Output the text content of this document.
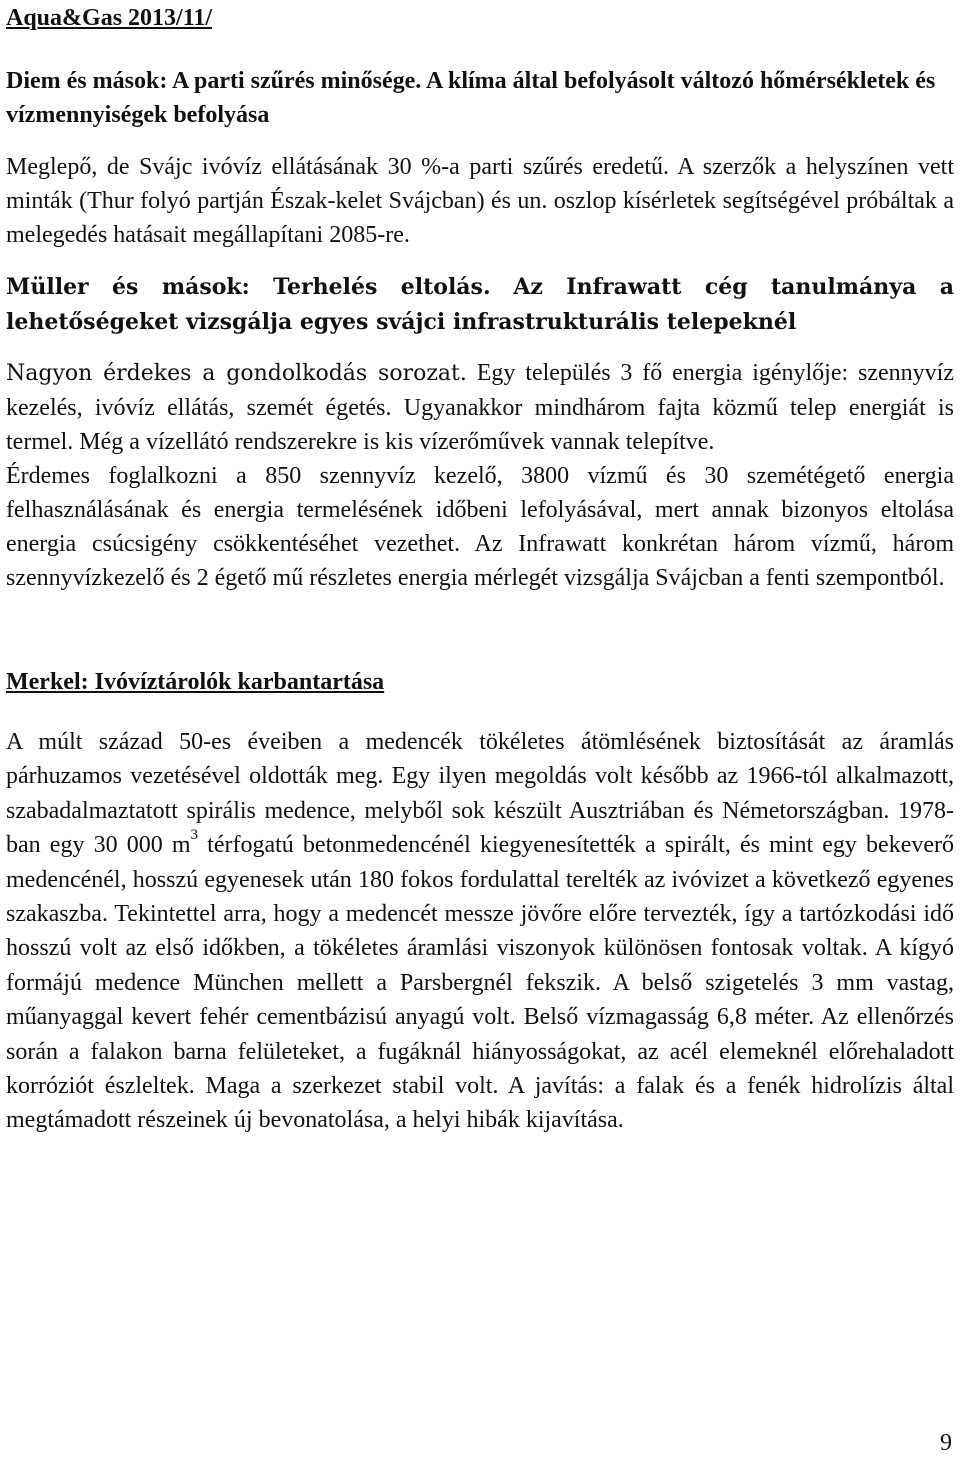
Aqua&Gas 2013/11/
Diem és mások: A parti szűrés minősége. A klíma által befolyásolt változó hőmérsékletek és vízmennyiségek befolyása
Meglepő, de Svájc ivóvíz ellátásának 30 %-a parti szűrés eredetű. A szerzők a helyszínen vett minták (Thur folyó partján Észak-kelet Svájcban) és un. oszlop kísérletek segítségével próbáltak a melegedés hatásait megállapítani 2085-re.
Müller és mások: Terhelés eltolás. Az Infrawatt cég tanulmánya a lehetőségeket vizsgálja egyes svájci infrastrukturális telepeknél
Nagyon érdekes a gondolkodás sorozat. Egy település 3 fő energia igénylője: szennyvíz kezelés, ivóvíz ellátás, szemét égetés. Ugyanakkor mindhárom fajta közmű telep energiát is termel. Még a vízellátó rendszerekre is kis vízerőművek vannak telepítve.
Érdemes foglalkozni a 850 szennyvíz kezelő, 3800 vízmű és 30 szemétégető energia felhasználásának és energia termelésének időbeni lefolyásával, mert annak bizonyos eltolása energia csúcsigény csökkentéséhet vezethet. Az Infrawatt konkrétan három vízmű, három szennyvízkezelő és 2 égető mű részletes energia mérlegét vizsgálja Svájcban a fenti szempontból.
Merkel: Ivóvíztárolók karbantartása
A múlt század 50-es éveiben a medencék tökéletes átömlésének biztosítását az áramlás párhuzamos vezetésével oldották meg. Egy ilyen megoldás volt később az 1966-tól alkalmazott, szabadalmaztatott spirális medence, melyből sok készült Ausztriában és Németországban. 1978-ban egy 30 000 $m^3$ térfogatú betonmedencénél kiegyenesítették a spirált, és mint egy bekeverő medencénél, hosszú egyenesek után 180 fokos fordulattal terelték az ivóvizet a következő egyenes szakaszba. Tekintettel arra, hogy a medencét messze jövőre előre tervezték, így a tartózkodási idő hosszú volt az első időkben, a tökéletes áramlási viszonyok különösen fontosak voltak. A kígyó formájú medence München mellett a Parsbergnél fekszik. A belső szigetelés 3 mm vastag, műanyaggal kevert fehér cementbázisú anyagú volt. Belső vízmagasság 6,8 méter. Az ellenőrzés során a falakon barna felületeket, a fugáknál hiányosságokat, az acél elemeknél előrehaladott korróziót észleltek. Maga a szerkezet stabil volt. A javítás: a falak és a fenék hidrolízis által megtámadott részeinek új bevonatolása, a helyi hibák kijavítása.
9
